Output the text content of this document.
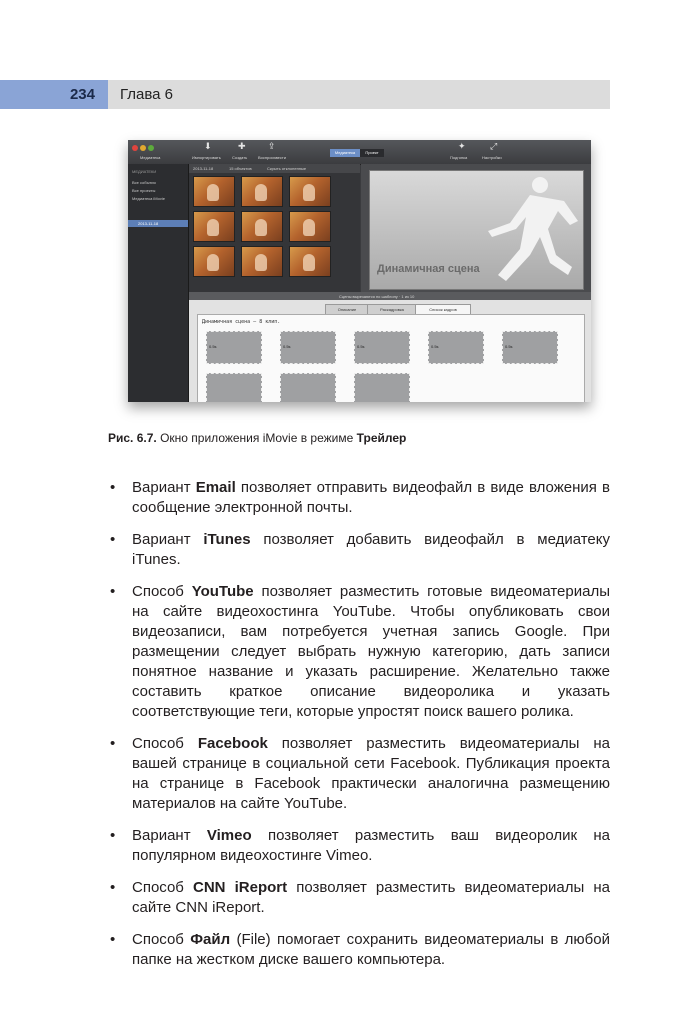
234	Глава 6
Медиатека
⬇
Импортировать
✚
Создать
⇪
Воспроизвести
Медиатека	Проект
✦
Подгонка
⤢
Настройки
МЕДИАТЕКИ
Все события
Все проекты
Медиатека iMovie
2013-11-18
2013-11-18	15 объектов	Скрыть отклоненные
Динамичная сцена
Сцены вырезаются по шаблону · 1 из 10
Описание	Раскадровка	Список кадров
Динамичная сцена – 8 клип.
0.5s	0.5s	0.5s	0.5s	0.5s
Рис. 6.7. Окно приложения iMovie в режиме Трейлер
• Вариант Email позволяет отправить видеофайл в виде вложения в сообщение электронной почты.
• Вариант iTunes позволяет добавить видеофайл в медиатеку iTunes.
• Способ YouTube позволяет разместить готовые видеоматериалы на сайте видеохостинга YouTube. Чтобы опубликовать свои видеозаписи, вам потребуется учетная запись Google. При размещении следует выбрать нужную категорию, дать записи понятное название и указать расширение. Желательно также составить краткое описание видеоролика и указать соответствующие теги, которые упростят поиск вашего ролика.
• Способ Facebook позволяет разместить видеоматериалы на вашей странице в социальной сети Facebook. Публикация проекта на странице в Facebook практически аналогична размещению материалов на сайте YouTube.
• Вариант Vimeo позволяет разместить ваш видеоролик на популярном видеохостинге Vimeo.
• Способ CNN iReport позволяет разместить видеоматериалы на сайте CNN iReport.
• Способ Файл (File) помогает сохранить видеоматериалы в любой папке на жестком диске вашего компьютера.
